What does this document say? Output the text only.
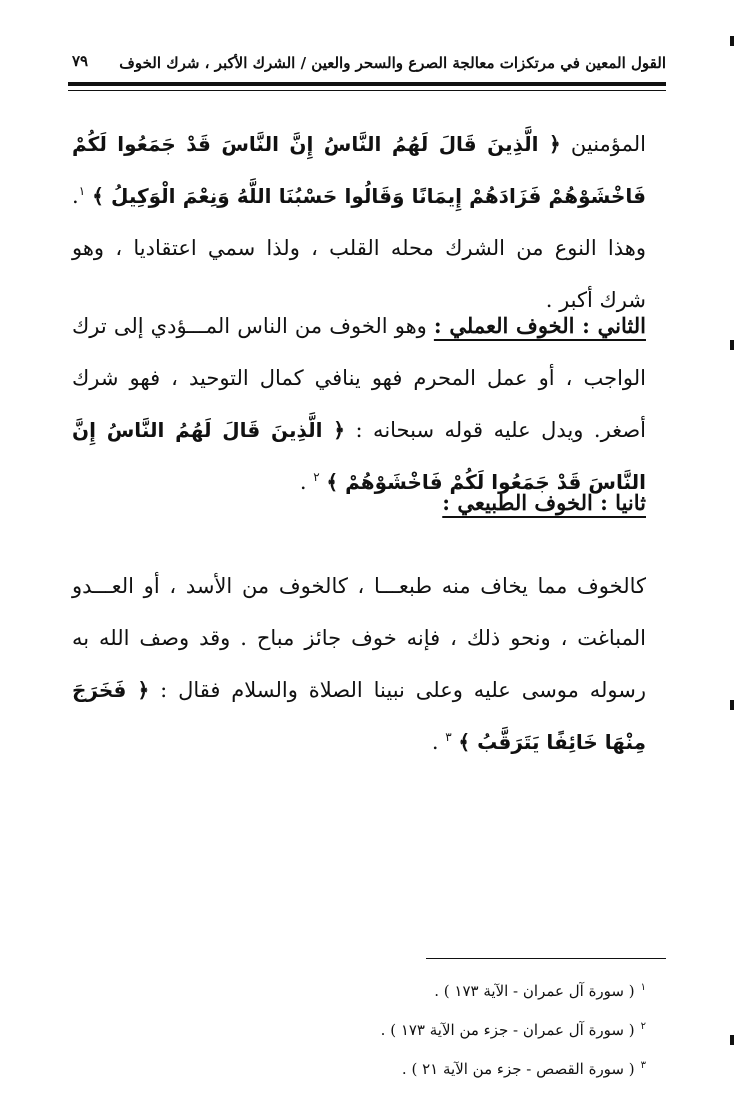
القول المعين في مرتكزات معالجة الصرع والسحر والعين / الشرك الأكبر ، شرك الخوف
٧٩
المؤمنين ﴿ الَّذِينَ قَالَ لَهُمُ النَّاسُ إِنَّ النَّاسَ قَدْ جَمَعُوا لَكُمْ فَاخْشَوْهُمْ فَزَادَهُمْ إِيمَانًا وَقَالُوا حَسْبُنَا اللَّهُ وَنِعْمَ الْوَكِيلُ ﴾ $^١$. وهذا النوع من الشرك محله القلب ، ولذا سمي اعتقاديا ، وهو شرك أكبر .
الثاني : الخوف العملي : وهو الخوف من الناس المـــؤدي إلى ترك الواجب ، أو عمل المحرم فهو ينافي كمال التوحيد ، فهو شرك أصغر. ويدل عليه قوله سبحانه : ﴿ الَّذِينَ قَالَ لَهُمُ النَّاسُ إِنَّ النَّاسَ قَدْ جَمَعُوا لَكُمْ فَاخْشَوْهُمْ ﴾ $^٢$ .
ثانيا : الخوف الطبيعي :
كالخوف مما يخاف منه طبعـــا ، كالخوف من الأسد ، أو العـــدو المباغت ، ونحو ذلك ، فإنه خوف جائز مباح . وقد وصف الله به رسوله موسى عليه وعلى نبينا الصلاة والسلام فقال : ﴿ فَخَرَجَ مِنْهَا خَائِفًا يَتَرَقَّبُ ﴾ $^٣$ .
$^١$( سورة آل عمران - الآية ١٧٣ ) .
$^٢$( سورة آل عمران - جزء من الآية ١٧٣ ) .
$^٣$( سورة القصص - جزء من الآية ٢١ ) .
